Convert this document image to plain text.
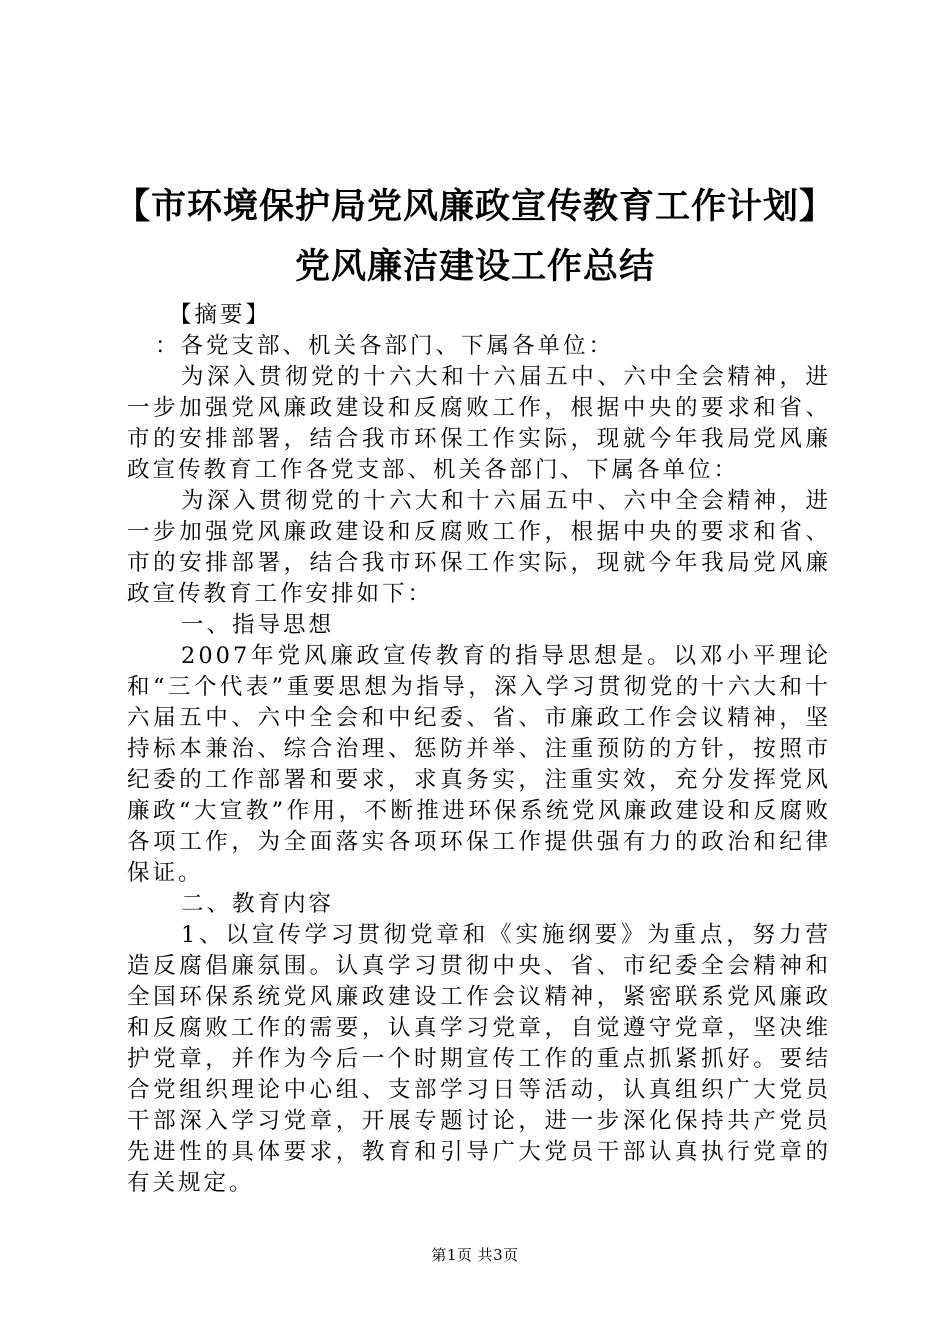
【市环境保护局党风廉政宣传教育工作计划】
党风廉洁建设工作总结

【摘要】

：各党支部、机关各部门、下属各单位：

为深入贯彻党的十六大和十六届五中、六中全会精神，进一步加强党风廉政建设和反腐败工作，根据中央的要求和省、市的安排部署，结合我市环保工作实际，现就今年我局党风廉政宣传教育工作各党支部、机关各部门、下属各单位：

为深入贯彻党的十六大和十六届五中、六中全会精神，进一步加强党风廉政建设和反腐败工作，根据中央的要求和省、市的安排部署，结合我市环保工作实际，现就今年我局党风廉政宣传教育工作安排如下：

一、指导思想

2007年党风廉政宣传教育的指导思想是。以邓小平理论和“三个代表”重要思想为指导，深入学习贯彻党的十六大和十六届五中、六中全会和中纪委、省、市廉政工作会议精神，坚持标本兼治、综合治理、惩防并举、注重预防的方针，按照市纪委的工作部署和要求，求真务实，注重实效，充分发挥党风廉政“大宣教”作用，不断推进环保系统党风廉政建设和反腐败各项工作，为全面落实各项环保工作提供强有力的政治和纪律保证。

二、教育内容

1、以宣传学习贯彻党章和《实施纲要》为重点，努力营造反腐倡廉氛围。认真学习贯彻中央、省、市纪委全会精神和全国环保系统党风廉政建设工作会议精神，紧密联系党风廉政和反腐败工作的需要，认真学习党章，自觉遵守党章，坚决维护党章，并作为今后一个时期宣传工作的重点抓紧抓好。要结合党组织理论中心组、支部学习日等活动，认真组织广大党员干部深入学习党章，开展专题讨论，进一步深化保持共产党员先进性的具体要求，教育和引导广大党员干部认真执行党章的有关规定。

第1页 共3页
